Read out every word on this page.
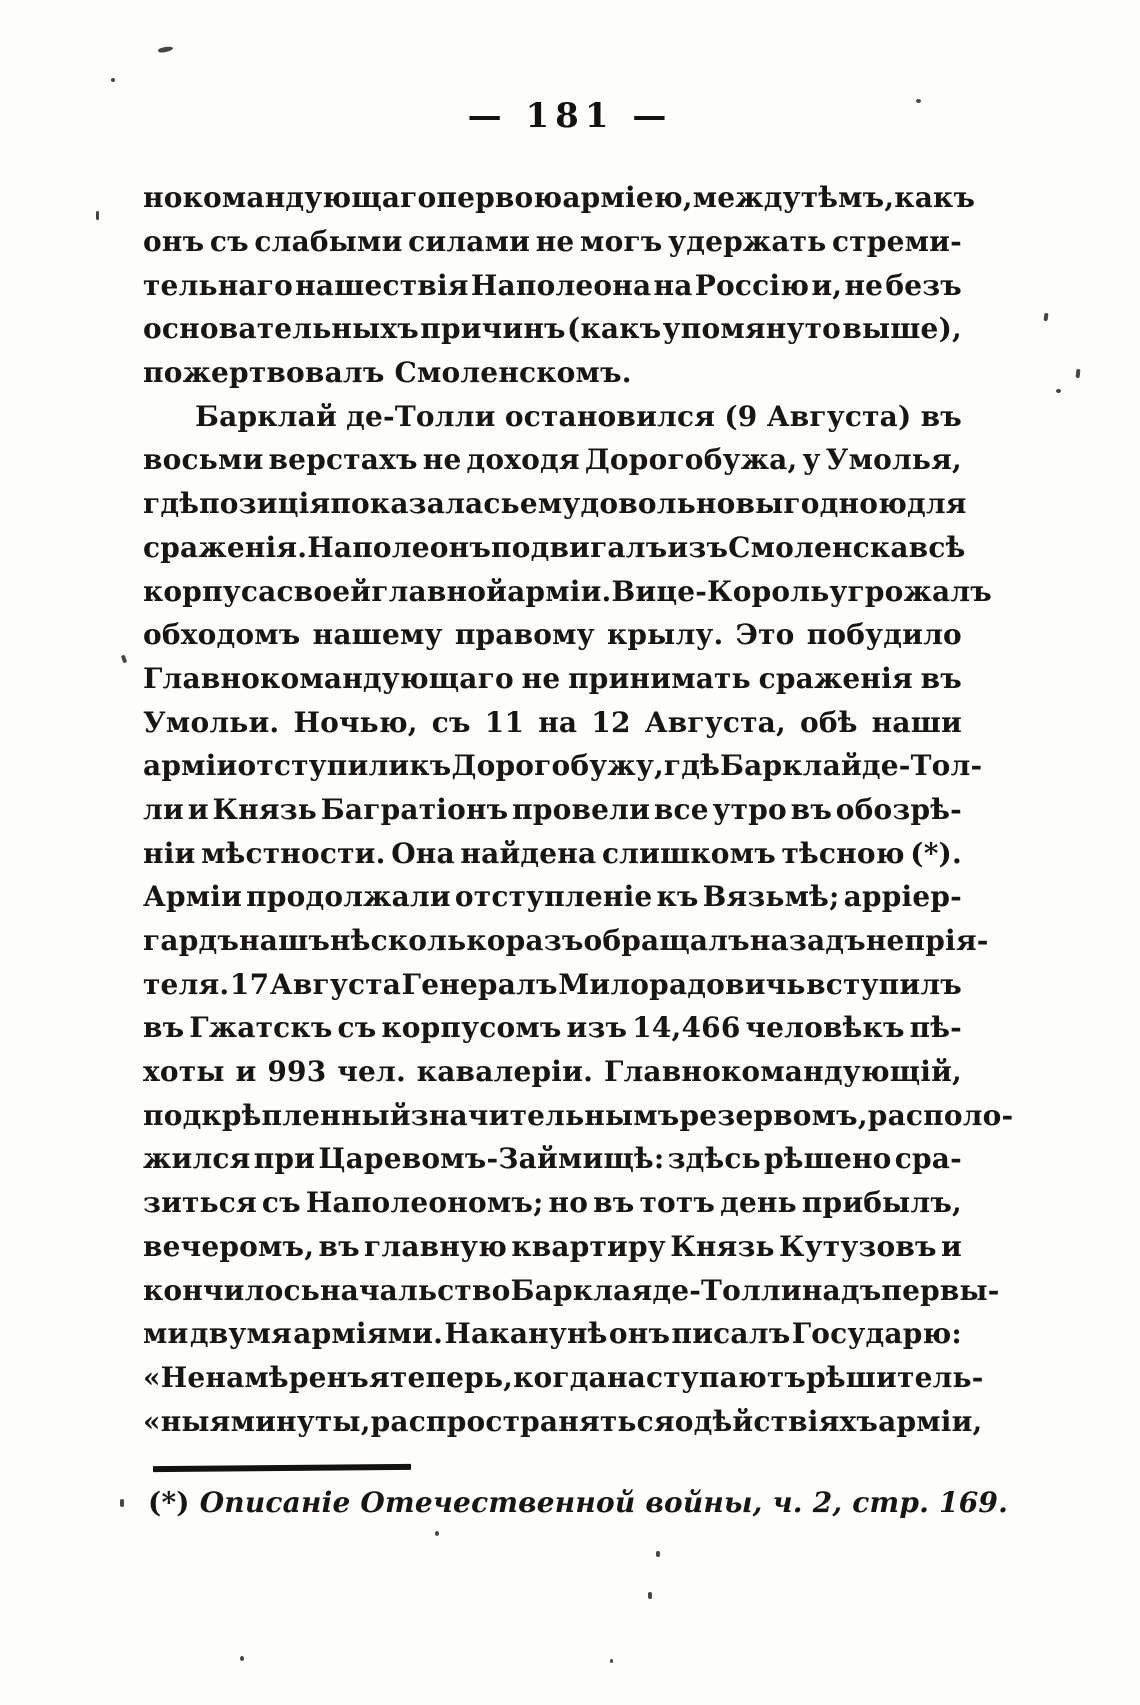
— 181 —
нокомандующаго первою арміею, между тѣмъ, какъ
онъ съ слабыми силами не могъ удержать стреми-
тельнаго нашествія Наполеона на Россію и, не безъ
основательныхъ причинъ (какъ упомянуто выше),
пожертвовалъ Смоленскомъ.
Барклай де-Толли остановился (9 Августа) въ
восьми верстахъ не доходя Дорогобужа, у Умолья,
гдѣ позиція показалась ему довольно выгодною для
сраженія. Наполеонъ подвигалъ изъ Смоленска всѣ
корпуса своей главной арміи. Вице-Король угрожалъ
обходомъ нашему правому крылу. Это побудило
Главнокомандующаго не принимать сраженія въ
Умольи. Ночью, съ 11 на 12 Августа, обѣ наши
арміи отступили къ Дорогобужу, гдѣ Барклай де-Тол-
ли и Князь Багратіонъ провели все утро въ обозрѣ-
ніи мѣстности. Она найдена слишкомъ тѣсною (*).
Арміи продолжали отступленіе къ Вязьмѣ; арріер-
гардъ нашъ нѣсколько разъ обращалъ назадъ непрія-
теля. 17 Августа Генералъ Милорадовичь вступилъ
въ Гжатскъ съ корпусомъ изъ 14,466 человѣкъ пѣ-
хоты и 993 чел. кавалеріи. Главнокомандующій,
подкрѣпленный значительнымъ резервомъ, располо-
жился при Царевомъ-Займищѣ: здѣсь рѣшено сра-
зиться съ Наполеономъ; но въ тотъ день прибылъ,
вечеромъ, въ главную квартиру Князь Кутузовъ и
кончилось начальство Барклая де-Толли надъ первы-
ми двумя арміями. Наканунѣ онъ писалъ Государю:
«Не намѣренъ я теперь, когда наступаютъ рѣшитель-
«ныя минуты, распространяться о дѣйствіяхъ арміи,
(*) Описаніе Отечественной войны, ч. 2, стр. 169.
